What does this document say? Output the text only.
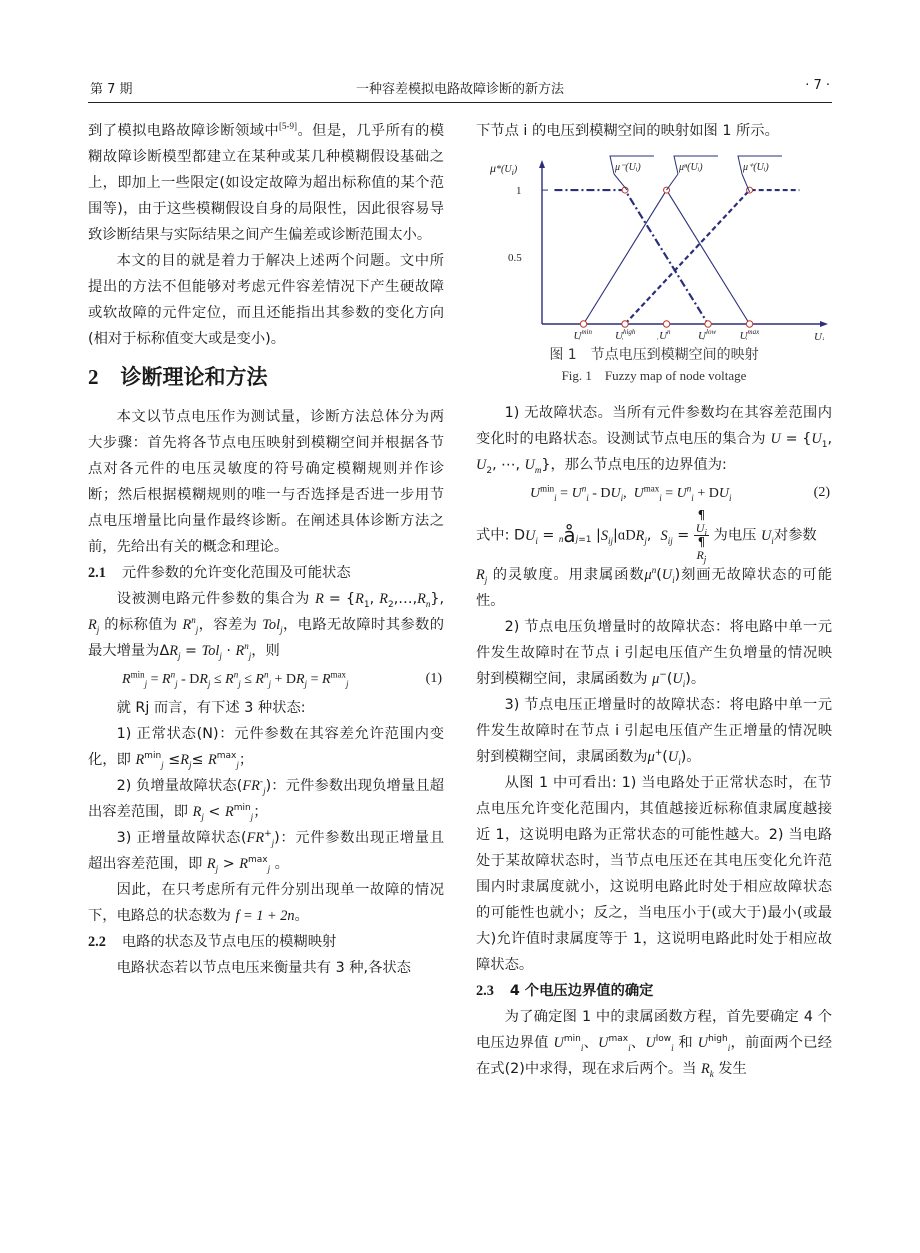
第 7 期	一种容差模拟电路故障诊断的新方法	· 7 ·

到了模拟电路故障诊断领域中[5-9]。但是，几乎所有的模糊故障诊断模型都建立在某种或某几种模糊假设基础之上，即加上一些限定(如设定故障为超出标称值的某个范围等)，由于这些模糊假设自身的局限性，因此很容易导致诊断结果与实际结果之间产生偏差或诊断范围太小。

本文的目的就是着力于解决上述两个问题。文中所提出的方法不但能够对考虑元件容差情况下产生硬故障或软故障的元件定位，而且还能指出其参数的变化方向(相对于标称值变大或是变小)。

2 诊断理论和方法

本文以节点电压作为测试量，诊断方法总体分为两大步骤：首先将各节点电压映射到模糊空间并根据各节点对各元件的电压灵敏度的符号确定模糊规则并作诊断；然后根据模糊规则的唯一与否选择是否进一步用节点电压增量比向量作最终诊断。在阐述具体诊断方法之前，先给出有关的概念和理论。

2.1 元件参数的允许变化范围及可能状态

设被测电路元件参数的集合为 $R = \{R_1$, $R_2,\dots,R_n$}, $R_j$ 的标称值为 $R^n_j$，容差为 Tol$_j$，电路无故障时其参数的最大增量为$\Delta R_j = Tol_j \cdot R^n_j$，则

$R^{min}_j = R^n_j - DR_j \le R^n_j \le R^n_j + DR_j = R^{max}_j$	(1)

就 Rj 而言，有下述 3 种状态:

1) 正常状态(N)：元件参数在其容差允许范围内变化，即 $R^{min}_j \le R_j\le R^{max}_j$；

2) 负增量故障状态$(FR^-_j)$：元件参数出现负增量且超出容差范围，即 $R_j < R^{min}_j$；

3) 正增量故障状态$(FR^+_j)$：元件参数出现正增量且超出容差范围，即 $R_j > R^{max}_j$ 。

因此，在只考虑所有元件分别出现单一故障的情况下，电路总的状态数为 f = 1 + 2n。

2.2 电路的状态及节点电压的模糊映射

电路状态若以节点电压来衡量共有 3 种,各状态

下节点 i 的电压到模糊空间的映射如图 1 所示。

$\mu*(U_i^)$
1
0.5
$U^{min}$ $U^{high}$ $U^n$	$U^{low}$ $U^{max}$	U
μ⁻(Uᵢ)	μⁿ(Uᵢ)	μ⁺(Uᵢ)
图 1　节点电压到模糊空间的映射
Fig. 1　Fuzzy map of node voltage

1) 无故障状态。当所有元件参数均在其容差范围内变化时的电路状态。设测试节点电压的集合为 $U = \{U_1$, $U_2$, ⋯, $U_m$}，那么节点电压的边界值为:

$U^{min}_i = U^n_i - DU_i$,  $U^{max}_i = U^n_i + DU_i$	(2)

式中: $DU_i$ = nåj=1 $|S_{ij}|ɑDR_j$,  $S_{ij}$ = ¶
$U_i$
¶
$R_j$ 为电压 $U_i$对参数

$R_j$ 的灵敏度。用隶属函数$\mu^n(U_i)$刻画无故障状态的可能性。

2) 节点电压负增量时的故障状态：将电路中单一元件发生故障时在节点 i 引起电压值产生负增量的情况映射到模糊空间，隶属函数为 $\mu^-(U_i)$。

3) 节点电压正增量时的故障状态：将电路中单一元件发生故障时在节点 i 引起电压值产生正增量的情况映射到模糊空间，隶属函数为$\mu^+(U_i)$。

从图 1 中可看出: 1) 当电路处于正常状态时，在节点电压允许变化范围内，其值越接近标称值隶属度越接近 1，这说明电路为正常状态的可能性越大。2) 当电路处于某故障状态时，当节点电压还在其电压变化允许范围内时隶属度就小，这说明电路此时处于相应故障状态的可能性也就小；反之，当电压小于(或大于)最小(或最大)允许值时隶属度等于 1，这说明电路此时处于相应故障状态。

2.3 4 个电压边界值的确定

为了确定图 1 中的隶属函数方程，首先要确定 4 个电压边界值 $U^{min}_i$、$U^{max}_i$、$U^{low}_i$ 和 $U^{high}_i$，前面两个已经在式(2)中求得，现在求后两个。当 $R_k$ 发生
